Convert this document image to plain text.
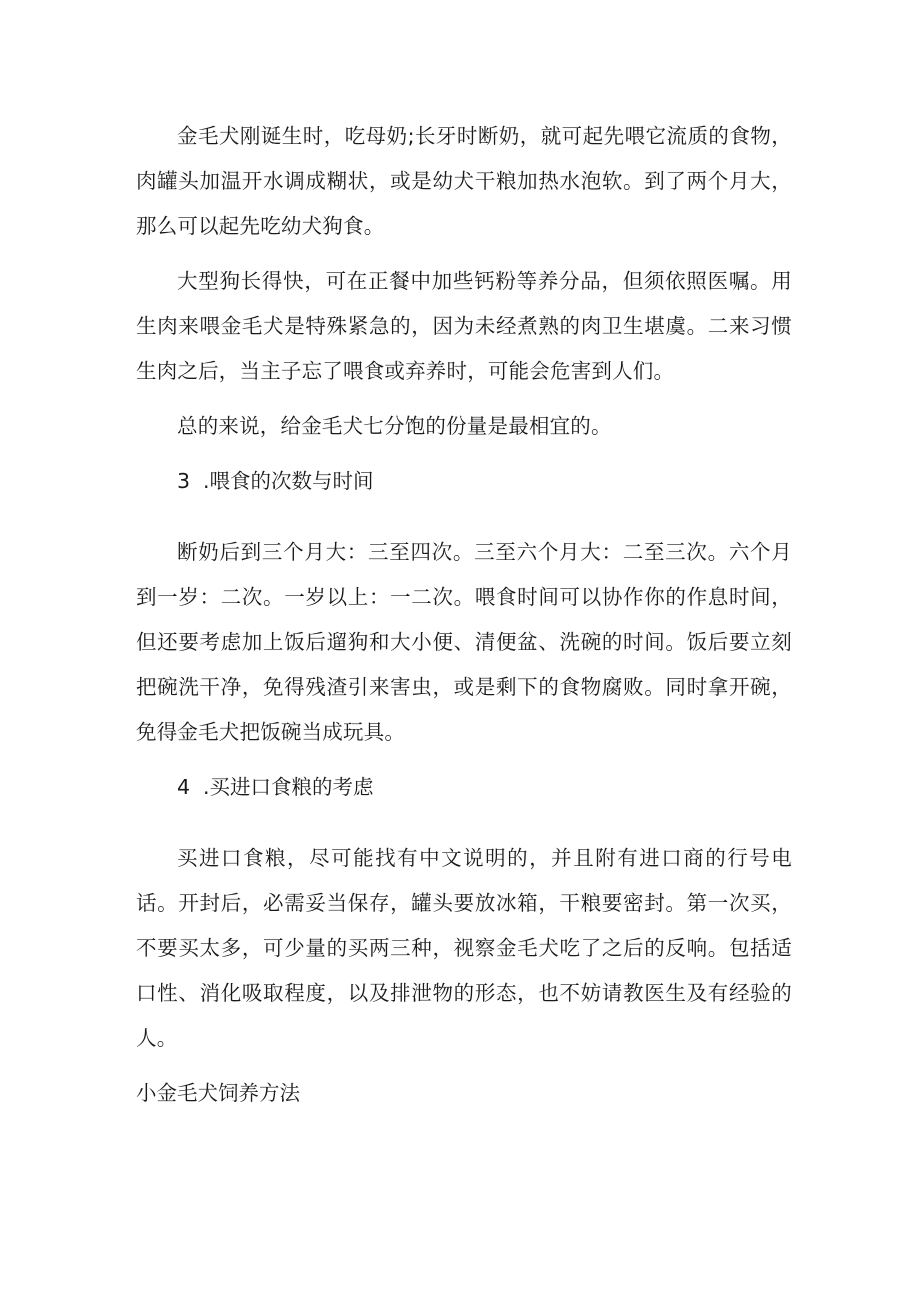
金毛犬刚诞生时，吃母奶;长牙时断奶，就可起先喂它流质的食物，肉罐头加温开水调成糊状，或是幼犬干粮加热水泡软。到了两个月大，那么可以起先吃幼犬狗食。

大型狗长得快，可在正餐中加些钙粉等养分品，但须依照医嘱。用生肉来喂金毛犬是特殊紧急的，因为未经煮熟的肉卫生堪虞。二来习惯生肉之后，当主子忘了喂食或弃养时，可能会危害到人们。

总的来说，给金毛犬七分饱的份量是最相宜的。

3 .喂食的次数与时间

断奶后到三个月大：三至四次。三至六个月大：二至三次。六个月到一岁：二次。一岁以上：一二次。喂食时间可以协作你的作息时间，但还要考虑加上饭后遛狗和大小便、清便盆、洗碗的时间。饭后要立刻把碗洗干净，免得残渣引来害虫，或是剩下的食物腐败。同时拿开碗，免得金毛犬把饭碗当成玩具。

4 .买进口食粮的考虑

买进口食粮，尽可能找有中文说明的，并且附有进口商的行号电话。开封后，必需妥当保存，罐头要放冰箱，干粮要密封。第一次买，不要买太多，可少量的买两三种，视察金毛犬吃了之后的反响。包括适口性、消化吸取程度，以及排泄物的形态，也不妨请教医生及有经验的人。

小金毛犬饲养方法
